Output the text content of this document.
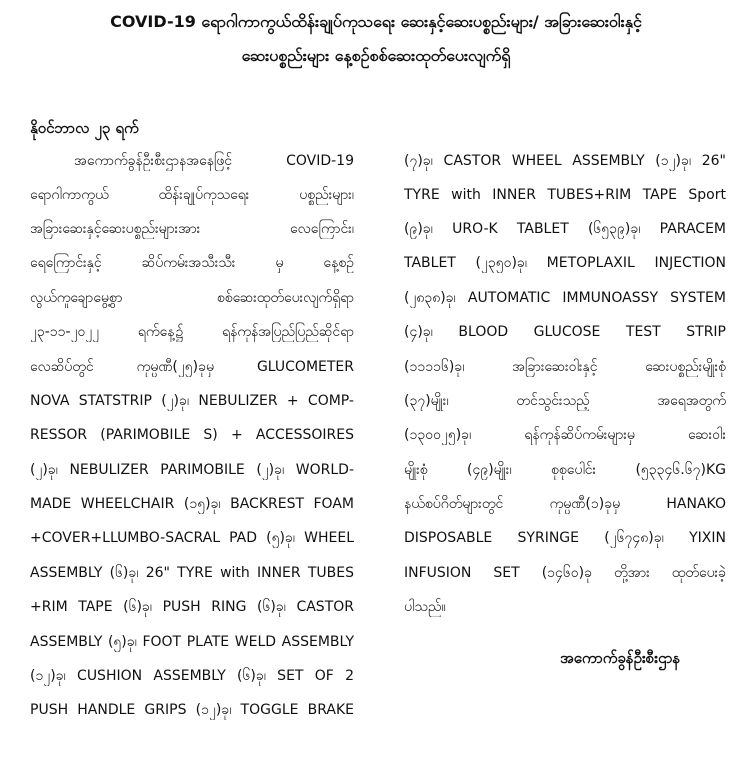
COVID-19 ရောဂါကာကွယ်ထိန်းချုပ်ကုသရေး ဆေးနှင့်ဆေးပစ္စည်းများ/ အခြားဆေးဝါးနှင့်
ဆေးပစ္စည်းများ နေ့စဉ်စစ်ဆေးထုတ်ပေးလျက်ရှိ
နိုဝင်ဘာလ ၂၃ ရက်
အကောက်ခွန်ဦးစီးဌာနအနေဖြင့် COVID-19
ရောဂါကာကွယ် ထိန်းချုပ်ကုသရေး ပစ္စည်းများ၊
အခြားဆေးနှင့်ဆေးပစ္စည်းများအား လေကြောင်း၊
ရေကြောင်းနှင့် ဆိပ်ကမ်းအသီးသီး မှ နေ့စဉ်
လွယ်ကူချောမွေ့စွာ စစ်ဆေးထုတ်ပေးလျက်ရှိရာ
၂၃-၁၁-၂၀၂၂ ရက်နေ့၌ ရန်ကုန်အပြည်ပြည်ဆိုင်ရာ
လေဆိပ်တွင် ကုမ္ပဏီ(၂၅)ခုမှ GLUCOMETER
NOVA STATSTRIP (၂)ခု၊ NEBULIZER + COMP-
RESSOR (PARIMOBILE S) + ACCESSOIRES
(၂)ခု၊ NEBULIZER PARIMOBILE (၂)ခု၊ WORLD-
MADE WHEELCHAIR (၁၅)ခု၊ BACKREST FOAM
+COVER+LLUMBO-SACRAL PAD (၅)ခု၊ WHEEL
ASSEMBLY (၆)ခု၊ 26" TYRE with INNER TUBES
+RIM TAPE (၆)ခု၊ PUSH RING (၆)ခု၊ CASTOR
ASSEMBLY (၅)ခု၊ FOOT PLATE WELD ASSEMBLY
(၁၂)ခု၊ CUSHION ASSEMBLY (၆)ခု၊ SET OF 2
PUSH HANDLE GRIPS (၁၂)ခု၊ TOGGLE BRAKE
(၇)ခု၊ CASTOR WHEEL ASSEMBLY (၁၂)ခု၊ 26"
TYRE with INNER TUBES+RIM TAPE Sport
(၉)ခု၊ URO-K TABLET (၆၅၃၉)ခု၊ PARACEM
TABLET (၂၃၅၀)ခု၊ METOPLAXIL INJECTION
(၂၈၃၈)ခု၊ AUTOMATIC IMMUNOASSY SYSTEM
(၄)ခု၊ BLOOD GLUCOSE TEST STRIP
(၁၁၁၁၆)ခု၊ အခြားဆေးဝါးနှင့် ဆေးပစ္စည်းမျိုးစုံ
(၃၇)မျိုး၊ တင်သွင်းသည့် အရေအတွက်
(၁၃၀၀၂၅)ခု၊ ရန်ကုန်ဆိပ်ကမ်းများမှ ဆေးဝါး
မျိုးစုံ (၄၉)မျိုး၊ စုစုပေါင်း (၅၃၃၄၆.၆၇)KG
နယ်စပ်ဂိတ်များတွင် ကုမ္ပဏီ(၁)ခုမှ HANAKO
DISPOSABLE SYRINGE (၂၆၇၄၈)ခု၊ YIXIN
INFUSION SET (၁၄၆၀)ခု တို့အား ထုတ်ပေးခဲ့
ပါသည်။
အကောက်ခွန်ဦးစီးဌာန
